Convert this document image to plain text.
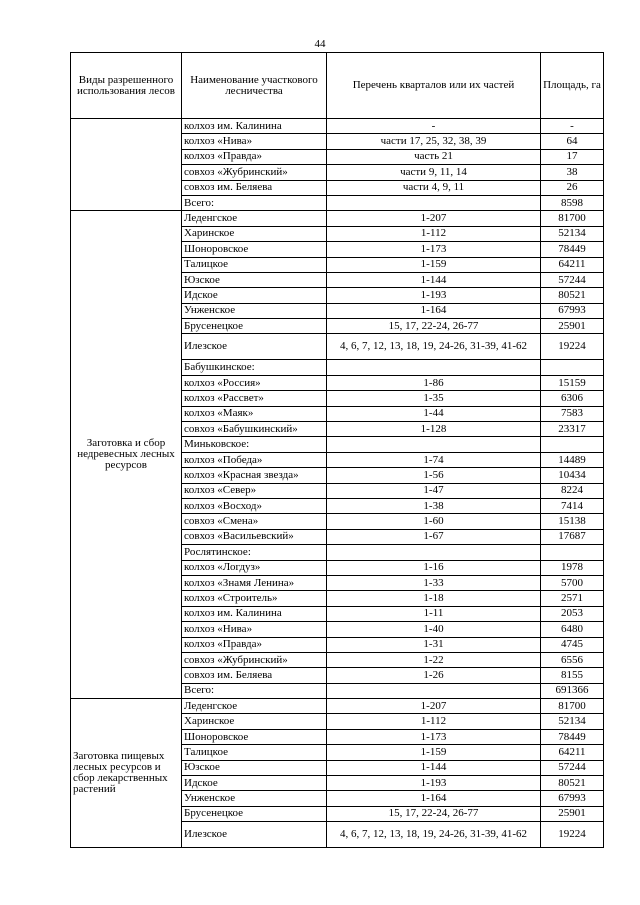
44
Виды разрешенного использования лесов	Наименование участкового лесничества	Перечень кварталов или их частей	Площадь, га
	колхоз им. Калинина	-	-
	колхоз «Нива»	части 17, 25, 32, 38, 39	64
	колхоз «Правда»	часть 21	17
	совхоз «Жубринский»	части 9, 11, 14	38
	совхоз им. Беляева	части 4, 9, 11	26
	Всего:		8598
Заготовка и сбор недревесных лесных ресурсов	Леденгское	1-207	81700
	Харинское	1-112	52134
	Шоноровское	1-173	78449
	Талицкое	1-159	64211
	Юзское	1-144	57244
	Идское	1-193	80521
	Унженское	1-164	67993
	Брусенецкое	15, 17, 22-24, 26-77	25901
	Илезское	4, 6, 7, 12, 13, 18, 19, 24-26, 31-39, 41-62	19224
	Бабушкинское:		
	колхоз «Россия»	1-86	15159
	колхоз «Рассвет»	1-35	6306
	колхоз «Маяк»	1-44	7583
	совхоз «Бабушкинский»	1-128	23317
	Миньковское:		
	колхоз «Победа»	1-74	14489
	колхоз «Красная звезда»	1-56	10434
	колхоз «Север»	1-47	8224
	колхоз «Восход»	1-38	7414
	совхоз «Смена»	1-60	15138
	совхоз «Васильевский»	1-67	17687
	Рослятинское:		
	колхоз «Логдуз»	1-16	1978
	колхоз «Знамя Ленина»	1-33	5700
	колхоз «Строитель»	1-18	2571
	колхоз им. Калинина	1-11	2053
	колхоз «Нива»	1-40	6480
	колхоз «Правда»	1-31	4745
	совхоз «Жубринский»	1-22	6556
	совхоз им. Беляева	1-26	8155
	Всего:		691366
Заготовка пищевых лесных ресурсов и сбор лекарственных растений	Леденгское	1-207	81700
	Харинское	1-112	52134
	Шоноровское	1-173	78449
	Талицкое	1-159	64211
	Юзское	1-144	57244
	Идское	1-193	80521
	Унженское	1-164	67993
	Брусенецкое	15, 17, 22-24, 26-77	25901
	Илезское	4, 6, 7, 12, 13, 18, 19, 24-26, 31-39, 41-62	19224
